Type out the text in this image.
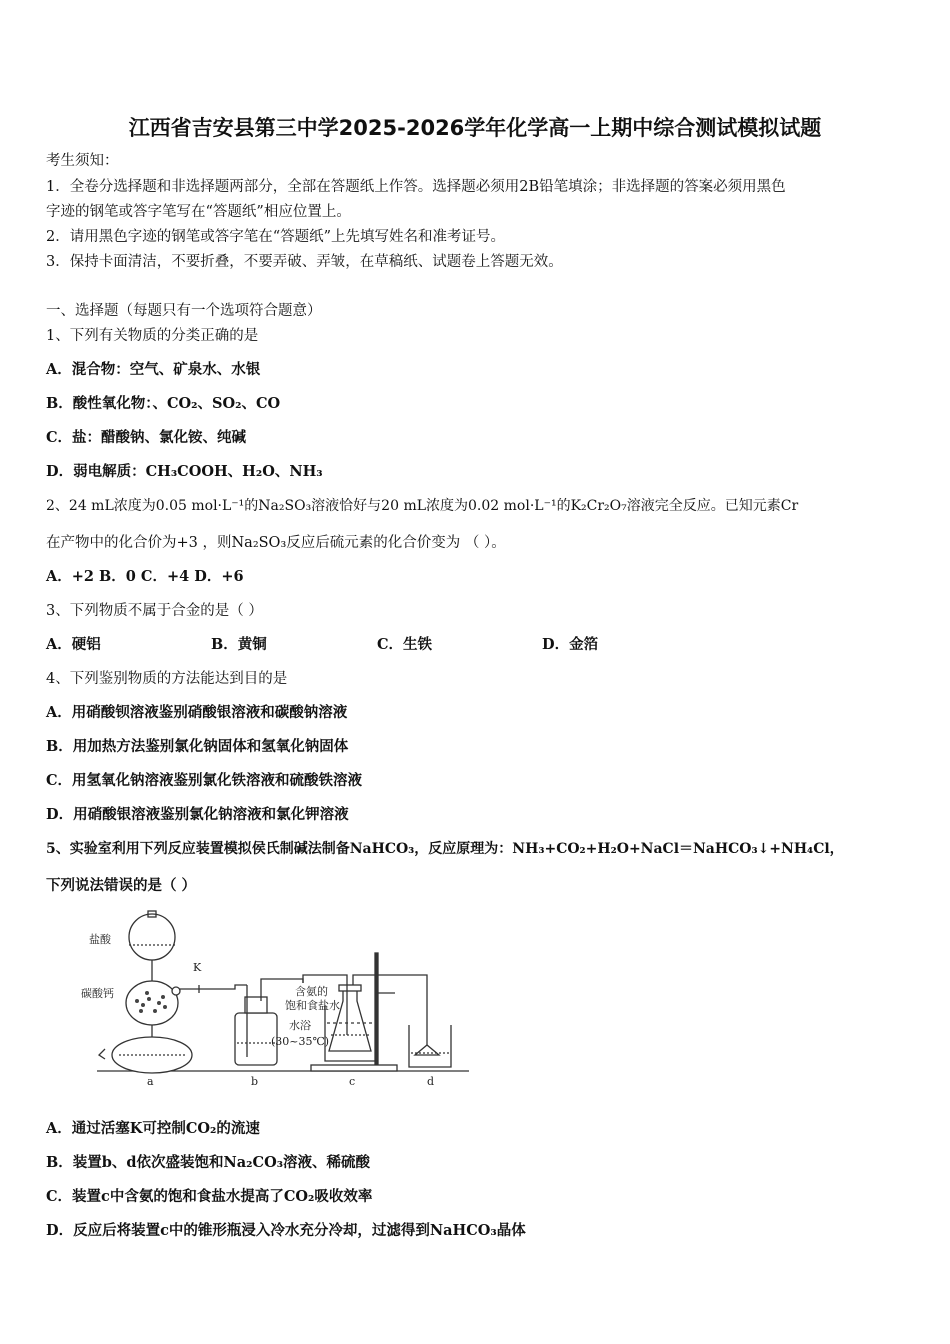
江西省吉安县第三中学2025-2026学年化学高一上期中综合测试模拟试题
考生须知：
1．全卷分选择题和非选择题两部分，全部在答题纸上作答。选择题必须用2B铅笔填涂；非选择题的答案必须用黑色
字迹的钢笔或答字笔写在“答题纸”相应位置上。
2．请用黑色字迹的钢笔或答字笔在“答题纸”上先填写姓名和准考证号。
3．保持卡面清洁，不要折叠，不要弄破、弄皱，在草稿纸、试题卷上答题无效。
一、选择题（每题只有一个选项符合题意）
1、下列有关物质的分类正确的是
A．混合物：空气、矿泉水、水银
B．酸性氧化物：、CO₂、SO₂、CO
C．盐：醋酸钠、氯化铵、纯碱
D．弱电解质：CH₃COOH、H₂O、NH₃
2、24 mL浓度为0.05 mol·L⁻¹的Na₂SO₃溶液恰好与20 mL浓度为0.02 mol·L⁻¹的K₂Cr₂O₇溶液完全反应。已知元素Cr
在产物中的化合价为+3 ，则Na₂SO₃反应后硫元素的化合价变为 （ ）。
A．+2 B．0 C．+4 D．+6
3、下列物质不属于合金的是（ ）
A．硬铝	B．黄铜	C．生铁	D．金箔
4、下列鉴别物质的方法能达到目的是
A．用硝酸钡溶液鉴别硝酸银溶液和碳酸钠溶液
B．用加热方法鉴别氯化钠固体和氢氧化钠固体
C．用氢氧化钠溶液鉴别氯化铁溶液和硫酸铁溶液
D．用硝酸银溶液鉴别氯化钠溶液和氯化钾溶液
5、实验室利用下列反应装置模拟侯氏制碱法制备NaHCO₃，反应原理为：NH₃+CO₂+H₂O+NaCl＝NaHCO₃↓+NH₄Cl，
下列说法错误的是（ ）
盐酸
碳酸钙
K
含氨的
饱和食盐水
水浴
(30~35℃)
a	b	c	d
A．通过活塞K可控制CO₂的流速
B．装置b、d依次盛装饱和Na₂CO₃溶液、稀硫酸
C．装置c中含氨的饱和食盐水提高了CO₂吸收效率
D．反应后将装置c中的锥形瓶浸入冷水充分冷却，过滤得到NaHCO₃晶体
